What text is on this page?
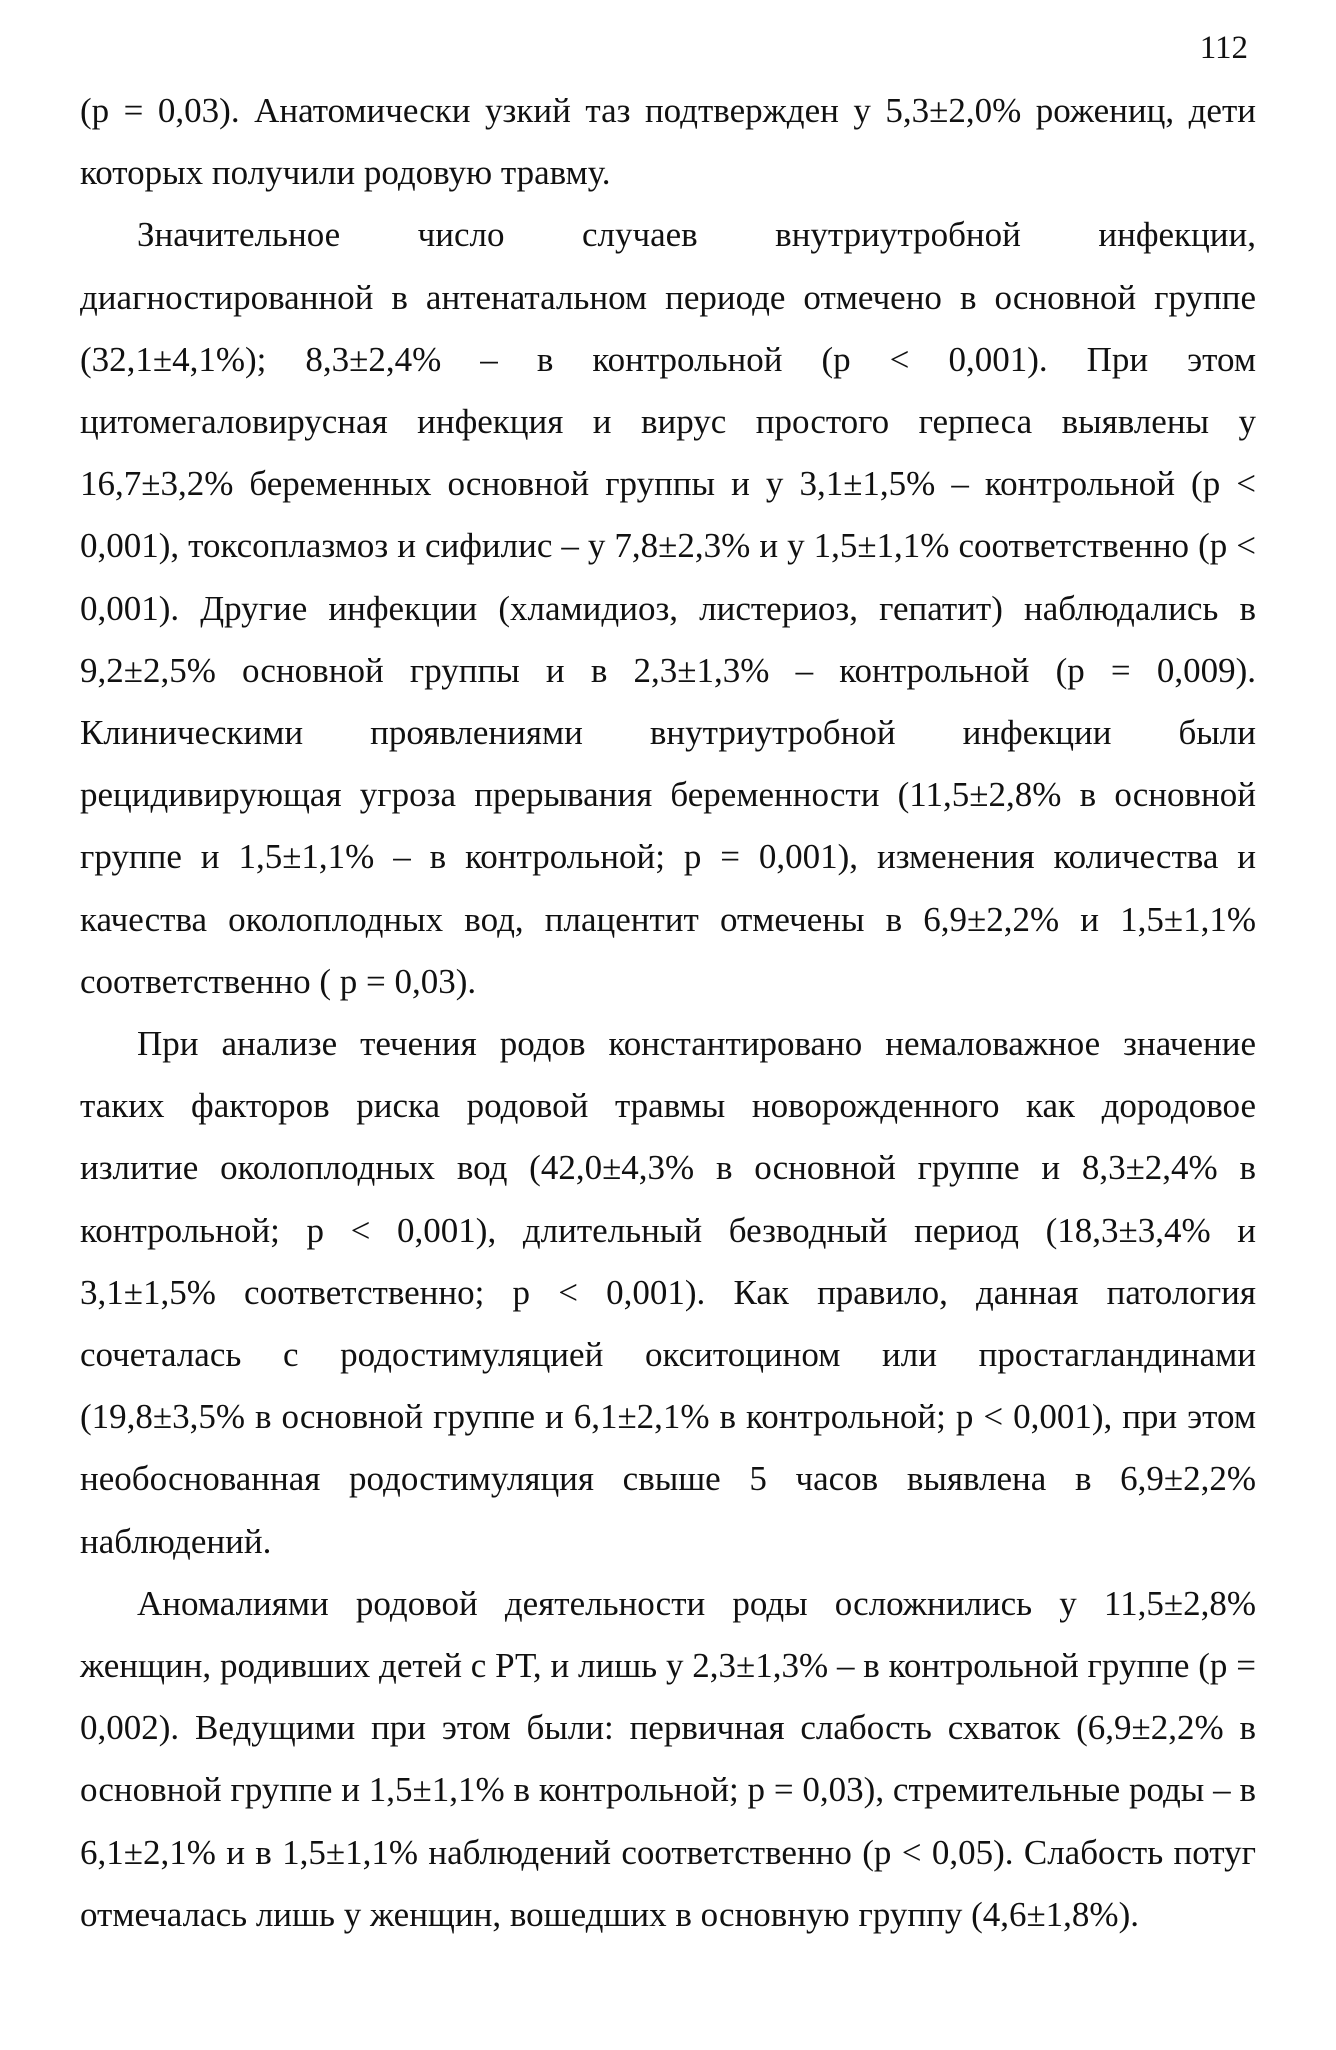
112

(р = 0,03). Анатомически узкий таз подтвержден у 5,3±2,0% рожениц, дети которых получили родовую травму.

Значительное число случаев внутриутробной инфекции, диагностированной в антенатальном периоде отмечено в основной группе (32,1±4,1%); 8,3±2,4% – в контрольной (р < 0,001). При этом цитомегаловирусная инфекция и вирус простого герпеса выявлены у 16,7±3,2% беременных основной группы и у 3,1±1,5% – контрольной (р < 0,001), токсоплазмоз и сифилис – у 7,8±2,3% и у 1,5±1,1% соответственно (р < 0,001). Другие инфекции (хламидиоз, листериоз, гепатит) наблюдались в 9,2±2,5% основной группы и в 2,3±1,3% – контрольной (р = 0,009). Клиническими проявлениями внутриутробной инфекции были рецидивирующая угроза прерывания беременности (11,5±2,8% в основной группе и 1,5±1,1% – в контрольной; р = 0,001), изменения количества и качества околоплодных вод, плацентит отмечены в 6,9±2,2% и 1,5±1,1% соответственно ( р = 0,03).

При анализе течения родов константировано немаловажное значение таких факторов риска родовой травмы новорожденного как дородовое излитие околоплодных вод (42,0±4,3% в основной группе и 8,3±2,4% в контрольной; р < 0,001), длительный безводный период (18,3±3,4% и 3,1±1,5% соответственно; р < 0,001). Как правило, данная патология сочеталась с родостимуляцией окситоцином или простагландинами (19,8±3,5% в основной группе и 6,1±2,1% в контрольной; р < 0,001), при этом необоснованная родостимуляция свыше 5 часов выявлена в 6,9±2,2% наблюдений.

Аномалиями родовой деятельности роды осложнились у 11,5±2,8% женщин, родивших детей с РТ, и лишь у 2,3±1,3% – в контрольной группе (р = 0,002). Ведущими при этом были: первичная слабость схваток (6,9±2,2% в основной группе и 1,5±1,1% в контрольной; р = 0,03), стремительные роды – в 6,1±2,1% и в 1,5±1,1% наблюдений соответственно (р < 0,05). Слабость потуг отмечалась лишь у женщин, вошедших в основную группу (4,6±1,8%).
